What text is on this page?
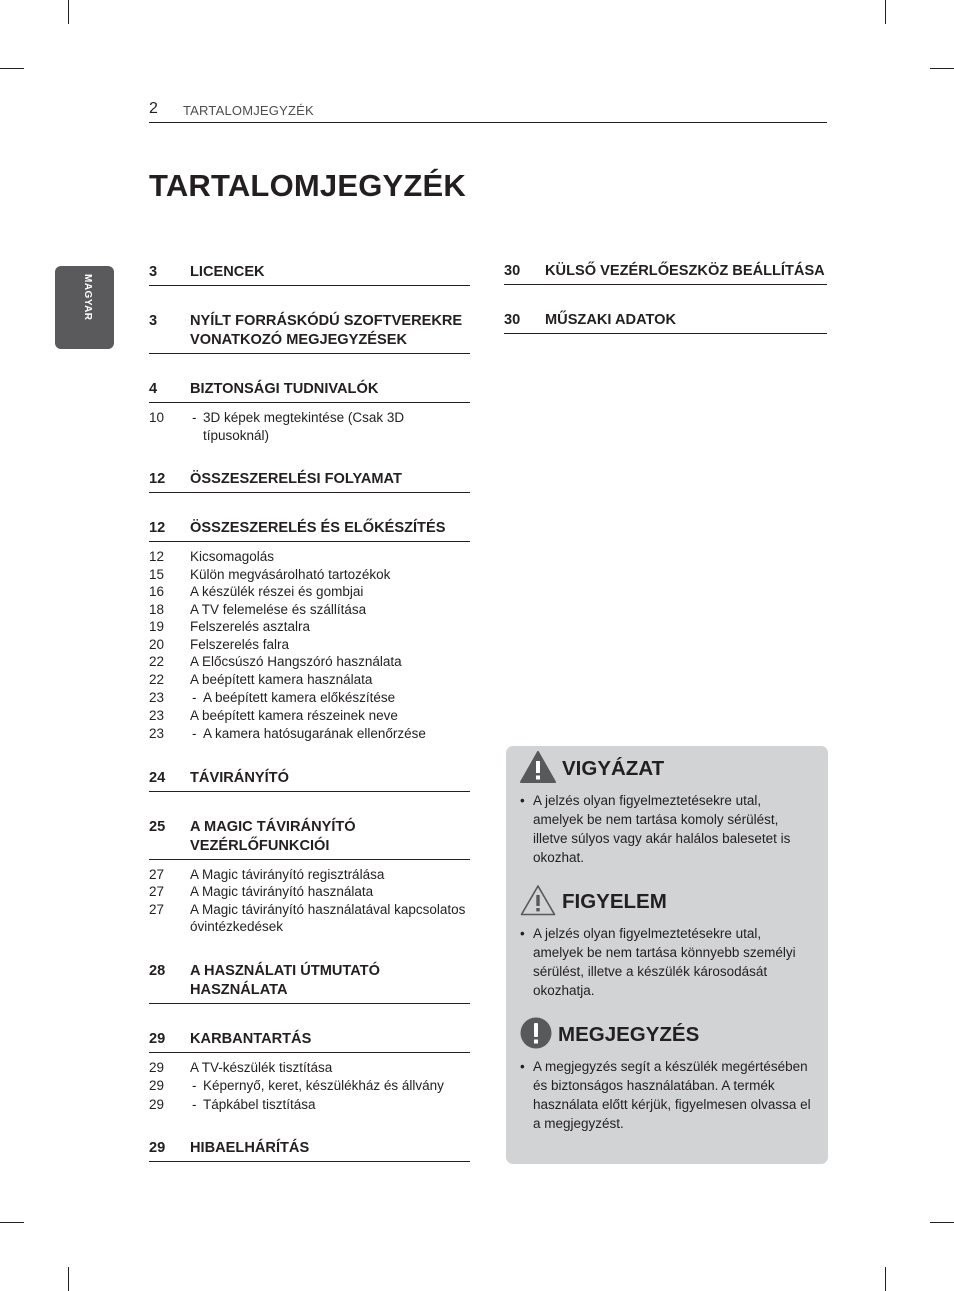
2 TARTALOMJEGYZÉK
MAGYAR
TARTALOMJEGYZÉK
3	LICENCEK
3	NYÍLT FORRÁSKÓDÚ SZOFTVEREKRE VONATKOZÓ MEGJEGYZÉSEK
4	BIZTONSÁGI TUDNIVALÓK
10	- 3D képek megtekintése (Csak 3D típusoknál)
12	ÖSSZESZERELÉSI FOLYAMAT
12	ÖSSZESZERELÉS ÉS ELŐKÉSZÍTÉS
12	Kicsomagolás
15	Külön megvásárolható tartozékok
16	A készülék részei és gombjai
18	A TV felemelése és szállítása
19	Felszerelés asztalra
20	Felszerelés falra
22	A Előcsúszó Hangszóró használata
22	A beépített kamera használata
23	- A beépített kamera előkészítése
23	A beépített kamera részeinek neve
23	- A kamera hatósugarának ellenőrzése
24	TÁVIRÁNYÍTÓ
25	A MAGIC TÁVIRÁNYÍTÓ VEZÉRLŐFUNKCIÓI
27	A Magic távirányító regisztrálása
27	A Magic távirányító használata
27	A Magic távirányító használatával kapcsolatos óvintézkedések
28	A HASZNÁLATI ÚTMUTATÓ HASZNÁLATA
29	KARBANTARTÁS
29	A TV-készülék tisztítása
29	- Képernyő, keret, készülékház és állvány
29	- Tápkábel tisztítása
29	HIBAELHÁRÍTÁS
30	KÜLSŐ VEZÉRLŐESZKÖZ BEÁLLÍTÁSA
30	MŰSZAKI ADATOK
VIGYÁZAT
• A jelzés olyan figyelmeztetésekre utal, amelyek be nem tartása komoly sérülést, illetve súlyos vagy akár halálos balesetet is okozhat.
FIGYELEM
• A jelzés olyan figyelmeztetésekre utal, amelyek be nem tartása könnyebb személyi sérülést, illetve a készülék károsodását okozhatja.
MEGJEGYZÉS
• A megjegyzés segít a készülék megértésében és biztonságos használatában. A termék használata előtt kérjük, figyelmesen olvassa el a megjegyzést.
